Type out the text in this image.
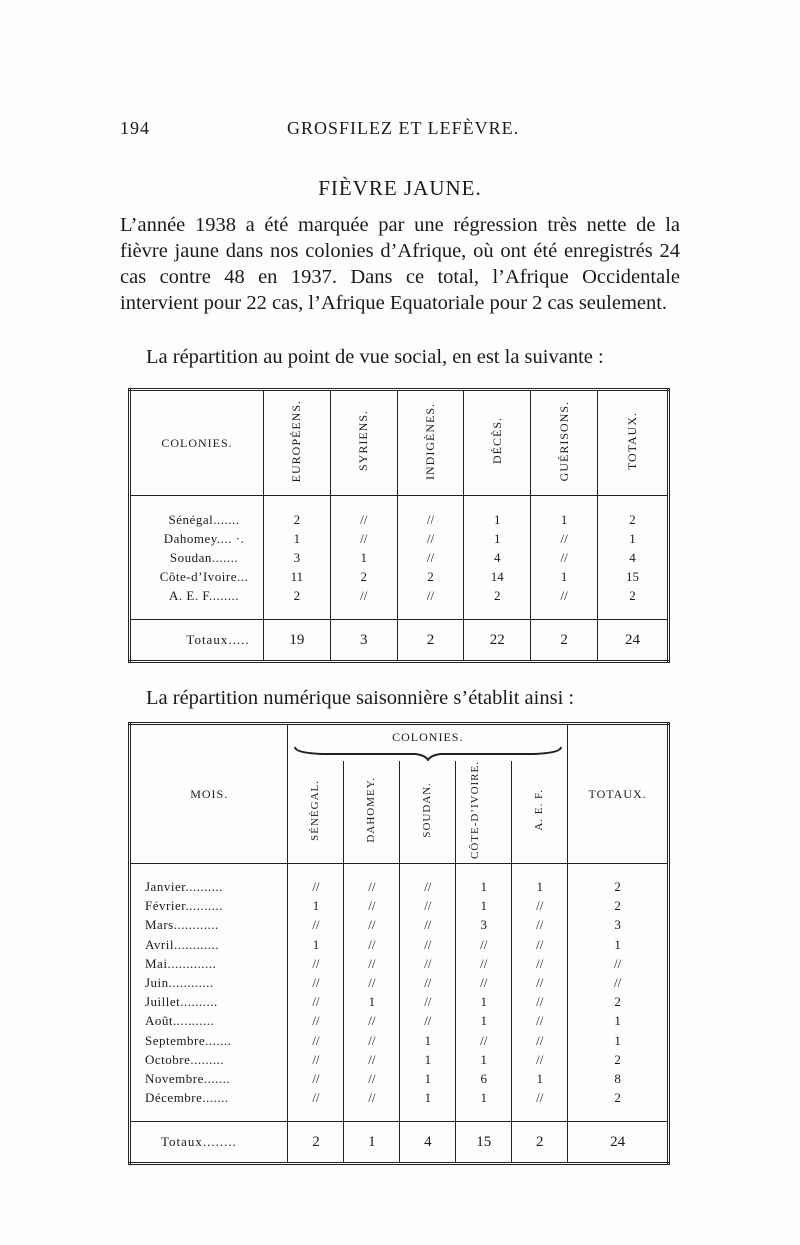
194	GROSFILEZ ET LEFÈVRE.
FIÈVRE JAUNE.
L’année 1938 a été marquée par une régression très nette de la fièvre jaune dans nos colonies d’Afrique, où ont été enregistrés 24 cas contre 48 en 1937. Dans ce total, l’Afrique Occidentale intervient pour 22 cas, l’Afrique Equatoriale pour 2 cas seulement.
La répartition au point de vue social, en est la suivante :
COLONIES.	EUROPÉENS.	SYRIENS.	INDIGÈNES.	DÉCÈS.	GUÉRISONS.	TOTAUX.

Sénégal.......	2	//	//	1	1	2
Dahomey.... ·.	1	//	//	1	//	1
Soudan.......	3	1	//	4	//	4
Côte-d’Ivoire...	11	2	2	14	1	15
A. E. F........	2	//	//	2	//	2

Totaux.....	19	3	2	22	2	24
La répartition numérique saisonnière s’établit ainsi :
MOIS.	COLONIES.					TOTAUX.
	SÉNÉGAL.	DAHOMEY.	SOUDAN.	CÔTE-D’IVOIRE.	A. E. F.	

Janvier..........	//	//	//	1	1	2
Février..........	1	//	//	1	//	2
Mars............	//	//	//	3	//	3
Avril............	1	//	//	//	//	1
Mai.............	//	//	//	//	//	//
Juin............	//	//	//	//	//	//
Juillet..........	//	1	//	1	//	2
Août...........	//	//	//	1	//	1
Septembre.......	//	//	1	//	//	1
Octobre.........	//	//	1	1	//	2
Novembre.......	//	//	1	6	1	8
Décembre.......	//	//	1	1	//	2

Totaux........	2	1	4	15	2	24
